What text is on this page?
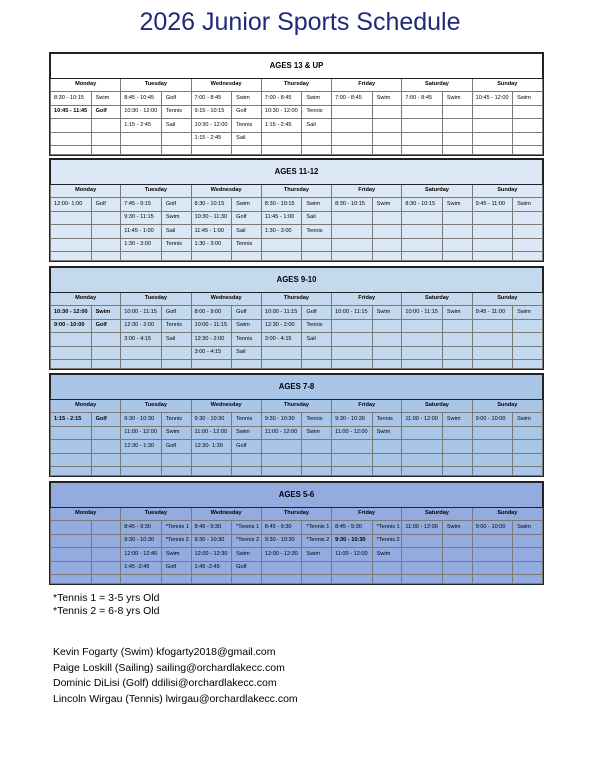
2026 Junior Sports Schedule
AGES 13 & UP													
Monday		Tuesday		Wednesday		Thursday		Friday		Saturday		Sunday	
8:30 - 10:15	Swim	8:45 - 10:45	Golf	7:00 - 8:45	Swim	7:00 - 8:45	Swim	7:00 - 8:45	Swim	7:00 - 8:45	Swim	10:45 - 12:00	Swim
10:45 - 11:45	Golf	10:30 - 12:00	Tennis	9:15 - 10:15	Golf	10:30 - 12:00	Tennis						
		1:15 - 2:45	Sail	10:30 - 12:00	Tennis	1:15 - 2:45	Sail						
				1:15 - 2:45	Sail								

AGES 11-12													
Monday		Tuesday		Wednesday		Thursday		Friday		Saturday		Sunday	
12:00- 1:00	Golf	7:45 - 9:15	Golf	8:30 - 10:15	Swim	8:30 - 10:15	Swim	8:30 - 10:15	Swim	8:30 - 10:15	Swim	9:45 - 11:00	Swim
		9:30 - 11:15	Swim	10:30 - 11:30	Golf	11:45 - 1:00	Sail						
		11:45 - 1:00	Sail	11:45 - 1:00	Sail	1:30 - 3:00	Tennis						
		1:30 - 3:00	Tennis	1:30 - 3:00	Tennis								

AGES 9-10													
Monday		Tuesday		Wednesday		Thursday		Friday		Saturday		Sunday	
10:30 - 12:00	Swim	10:00 - 11:15	Golf	8:00 - 9:00	Golf	10:00 - 11:15	Golf	10:00 - 11:15	Swim	10:00 - 11:15	Swim	9:45 - 11:00	Swim
9:00 - 10:00	Golf	12:30 - 2:00	Tennis	10:00 - 11:15	Swim	12:30 - 2:00	Tennis						
		3:00 - 4:15	Sail	12:30 - 2:00	Tennis	3:00 - 4:15	Sail						
				3:00 - 4:15	Sail								

AGES 7-8													
Monday		Tuesday		Wednesday		Thursday		Friday		Saturday		Sunday	
1:15 - 2:15	Golf	9:30 - 10:30	Tennis	9:30 - 10:30	Tennis	9:30 - 10:30	Tennis	9:30 - 10:30	Tennis	11:00 - 12:00	Swim	9:00 - 10:00	Swim
		11:00 - 12:00	Swim	11:00 - 12:00	Swim	11:00 - 12:00	Swim	11:00 - 12:00	Swim				
		12:30 - 1:30	Golf	12:30- 1:30	Golf								

AGES 5-6													
Monday		Tuesday		Wednesday		Thursday		Friday		Saturday		Sunday	
		8:45 - 9:30	*Tennis 1	8:45 - 9:30	*Tennis 1	8:45 - 9:30	*Tennis 1	8:45 - 9:30	*Tennis 1	11:00 - 12:00	Swim	9:00 - 10:00	Swim
		9:30 - 10:30	*Tennis 2	9:30 - 10:30	*Tennis 2	9:30 - 10:30	*Tennis 2	9:30 - 10:30	*Tennis 2				
		12:00 - 12:45	Swim	12:00 - 12:30	Swim	12:00 - 12:30	Swim	11:00 - 12:00	Swim				
		1:45 -2:45	Golf	1:45 -2:45	Golf								

*Tennis 1 = 3-5 yrs Old
*Tennis 2 = 6-8 yrs Old
Kevin Fogarty (Swim) kfogarty2018@gmail.com
Paige Loskill (Sailing) sailing@orchardlakecc.com
Dominic DiLisi (Golf) ddilisi@orchardlakecc.com
Lincoln Wirgau (Tennis) lwirgau@orchardlakecc.com
